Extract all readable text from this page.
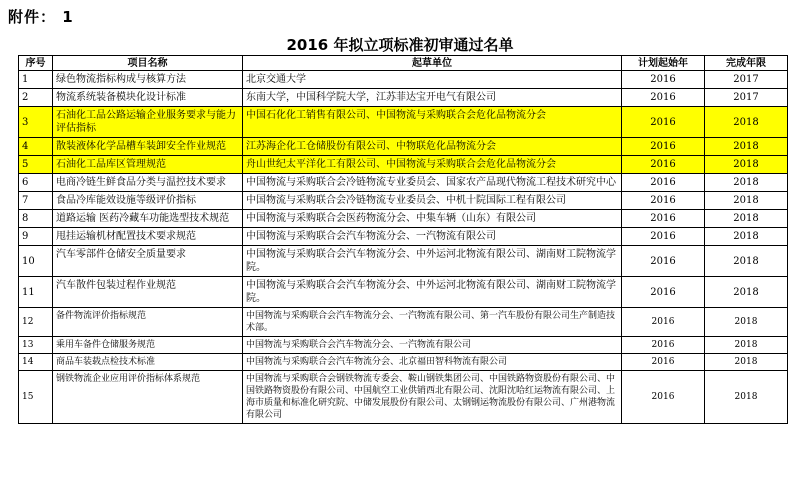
附件： 1
2016 年拟立项标准初审通过名单
序号	项目名称	起草单位	计划起始年	完成年限
1	绿色物流指标构成与核算方法	北京交通大学	2016	2017
2	物流系统装备模块化设计标准	东南大学，中国科学院大学，江苏菲达宝开电气有限公司	2016	2017
3	石油化工品公路运输企业服务要求与能力评估指标	中国石化化工销售有限公司、中国物流与采购联合会危化品物流分会	2016	2018
4	散装液体化学品槽车装卸安全作业规范	江苏海企化工仓储股份有限公司、中物联危化品物流分会	2016	2018
5	石油化工品库区管理规范	舟山世纪太平洋化工有限公司、中国物流与采购联合会危化品物流分会	2016	2018
6	电商冷链生鲜食品分类与温控技术要求	中国物流与采购联合会冷链物流专业委员会、国家农产品现代物流工程技术研究中心	2016	2018
7	食品冷库能效设施等级评价指标	中国物流与采购联合会冷链物流专业委员会、中机十院国际工程有限公司	2016	2018
8	道路运输 医药冷藏车功能选型技术规范	中国物流与采购联合会医药物流分会、中集车辆（山东）有限公司	2016	2018
9	甩挂运输机材配置技术要求规范	中国物流与采购联合会汽车物流分会、一汽物流有限公司	2016	2018
10	汽车零部件仓储安全质量要求	中国物流与采购联合会汽车物流分会、中外运河北物流有限公司、湖南财工院物流学院。	2016	2018
11	汽车散件包装过程作业规范	中国物流与采购联合会汽车物流分会、中外运河北物流有限公司、湖南财工院物流学院。	2016	2018
12	备件物流评价指标规范	中国物流与采购联合会汽车物流分会、一汽物流有限公司、第一汽车股份有限公司生产制造技术部。	2016	2018
13	乘用车备件仓储服务规范	中国物流与采购联合会汽车物流分会、一汽物流有限公司	2016	2018
14	商品车装载点检技术标准	中国物流与采购联合会汽车物流分会、北京福田智科物流有限公司	2016	2018
15	钢铁物流企业应用评价指标体系规范	中国物流与采购联合会钢铁物流专委会、鞍山钢铁集团公司、中国铁路物资股份有限公司、中国铁路物资股份有限公司、中国航空工业供销西北有限公司、沈阳沈哈红运物流有限公司、上海市质量和标准化研究院、中储发展股份有限公司、太钢钢运物流股份有限公司、广州港物流有限公司	2016	2018
